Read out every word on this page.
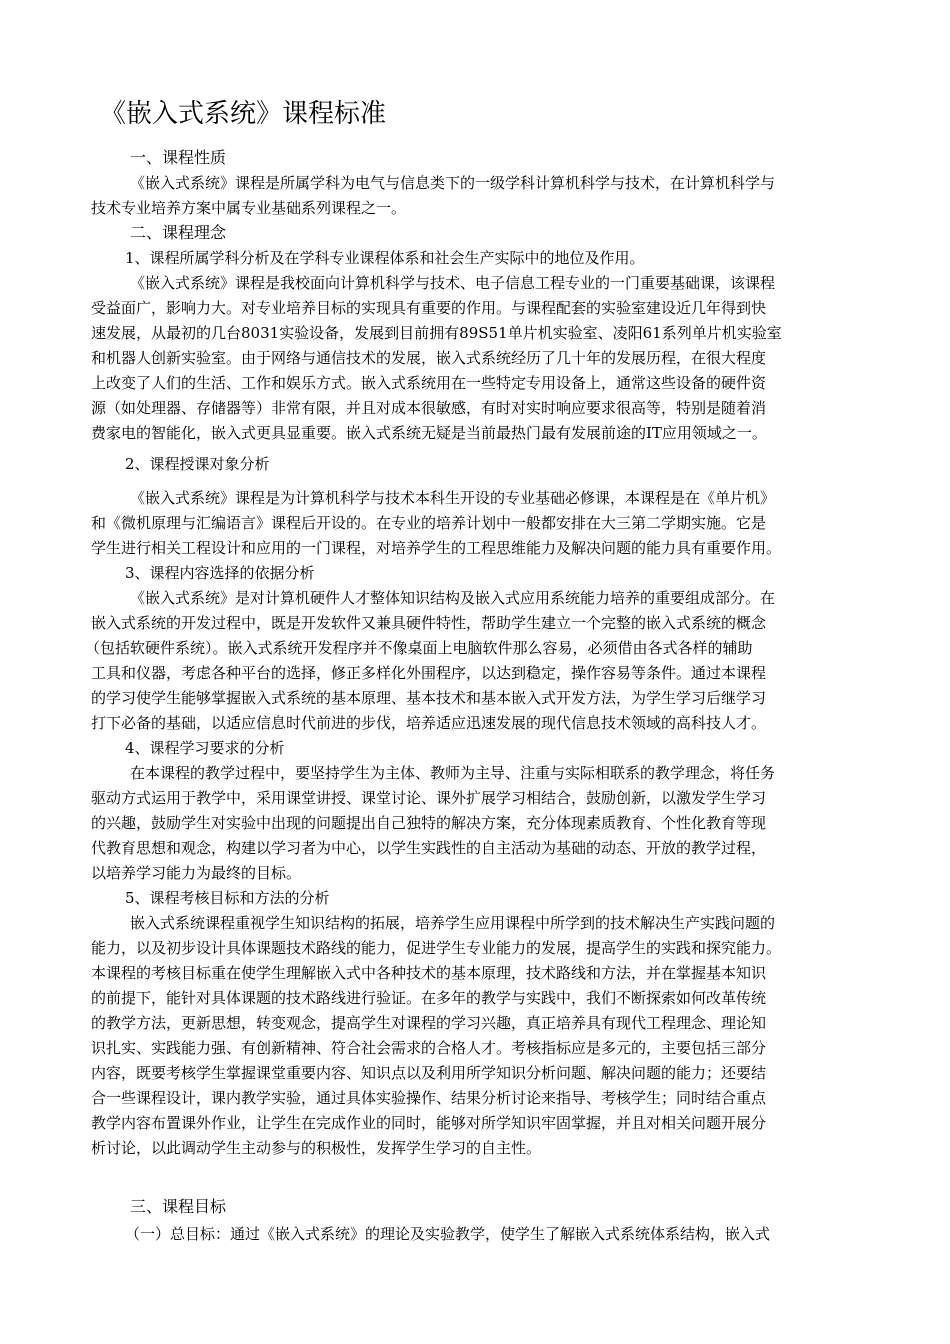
《嵌入式系统》课程标准
一、课程性质
《嵌入式系统》课程是所属学科为电气与信息类下的一级学科计算机科学与技术，在计算机科学与
技术专业培养方案中属专业基础系列课程之一。
二、课程理念
1、课程所属学科分析及在学科专业课程体系和社会生产实际中的地位及作用。
《嵌入式系统》课程是我校面向计算机科学与技术、电子信息工程专业的一门重要基础课，该课程
受益面广，影响力大。对专业培养目标的实现具有重要的作用。与课程配套的实验室建设近几年得到快
速发展，从最初的几台8031实验设备，发展到目前拥有89S51单片机实验室、凌阳61系列单片机实验室
和机器人创新实验室。由于网络与通信技术的发展，嵌入式系统经历了几十年的发展历程，在很大程度
上改变了人们的生活、工作和娱乐方式。嵌入式系统用在一些特定专用设备上，通常这些设备的硬件资
源（如处理器、存储器等）非常有限，并且对成本很敏感，有时对实时响应要求很高等，特别是随着消
费家电的智能化，嵌入式更具显重要。嵌入式系统无疑是当前最热门最有发展前途的IT应用领域之一。
2、课程授课对象分析
《嵌入式系统》课程是为计算机科学与技术本科生开设的专业基础必修课，本课程是在《单片机》
和《微机原理与汇编语言》课程后开设的。在专业的培养计划中一般都安排在大三第二学期实施。它是
学生进行相关工程设计和应用的一门课程，对培养学生的工程思维能力及解决问题的能力具有重要作用。
3、课程内容选择的依据分析
《嵌入式系统》是对计算机硬件人才整体知识结构及嵌入式应用系统能力培养的重要组成部分。在
嵌入式系统的开发过程中，既是开发软件又兼具硬件特性，帮助学生建立一个完整的嵌入式系统的概念
（包括软硬件系统）。嵌入式系统开发程序并不像桌面上电脑软件那么容易，必须借由各式各样的辅助
工具和仪器，考虑各种平台的选择，修正多样化外围程序，以达到稳定，操作容易等条件。通过本课程
的学习使学生能够掌握嵌入式系统的基本原理、基本技术和基本嵌入式开发方法，为学生学习后继学习
打下必备的基础，以适应信息时代前进的步伐，培养适应迅速发展的现代信息技术领域的高科技人才。
4、课程学习要求的分析
在本课程的教学过程中，要坚持学生为主体、教师为主导、注重与实际相联系的教学理念，将任务
驱动方式运用于教学中，采用课堂讲授、课堂讨论、课外扩展学习相结合，鼓励创新，以激发学生学习
的兴趣，鼓励学生对实验中出现的问题提出自己独特的解决方案，充分体现素质教育、个性化教育等现
代教育思想和观念，构建以学习者为中心，以学生实践性的自主活动为基础的动态、开放的教学过程，
以培养学习能力为最终的目标。
5、课程考核目标和方法的分析
嵌入式系统课程重视学生知识结构的拓展，培养学生应用课程中所学到的技术解决生产实践问题的
能力，以及初步设计具体课题技术路线的能力，促进学生专业能力的发展，提高学生的实践和探究能力。
本课程的考核目标重在使学生理解嵌入式中各种技术的基本原理，技术路线和方法，并在掌握基本知识
的前提下，能针对具体课题的技术路线进行验证。在多年的教学与实践中，我们不断探索如何改革传统
的教学方法，更新思想，转变观念，提高学生对课程的学习兴趣，真正培养具有现代工程理念、理论知
识扎实、实践能力强、有创新精神、符合社会需求的合格人才。考核指标应是多元的，主要包括三部分
内容，既要考核学生掌握课堂重要内容、知识点以及利用所学知识分析问题、解决问题的能力；还要结
合一些课程设计，课内教学实验，通过具体实验操作、结果分析讨论来指导、考核学生；同时结合重点
教学内容布置课外作业，让学生在完成作业的同时，能够对所学知识牢固掌握，并且对相关问题开展分
析讨论，以此调动学生主动参与的积极性，发挥学生学习的自主性。
三、课程目标
（一）总目标：通过《嵌入式系统》的理论及实验教学，使学生了解嵌入式系统体系结构，嵌入式
